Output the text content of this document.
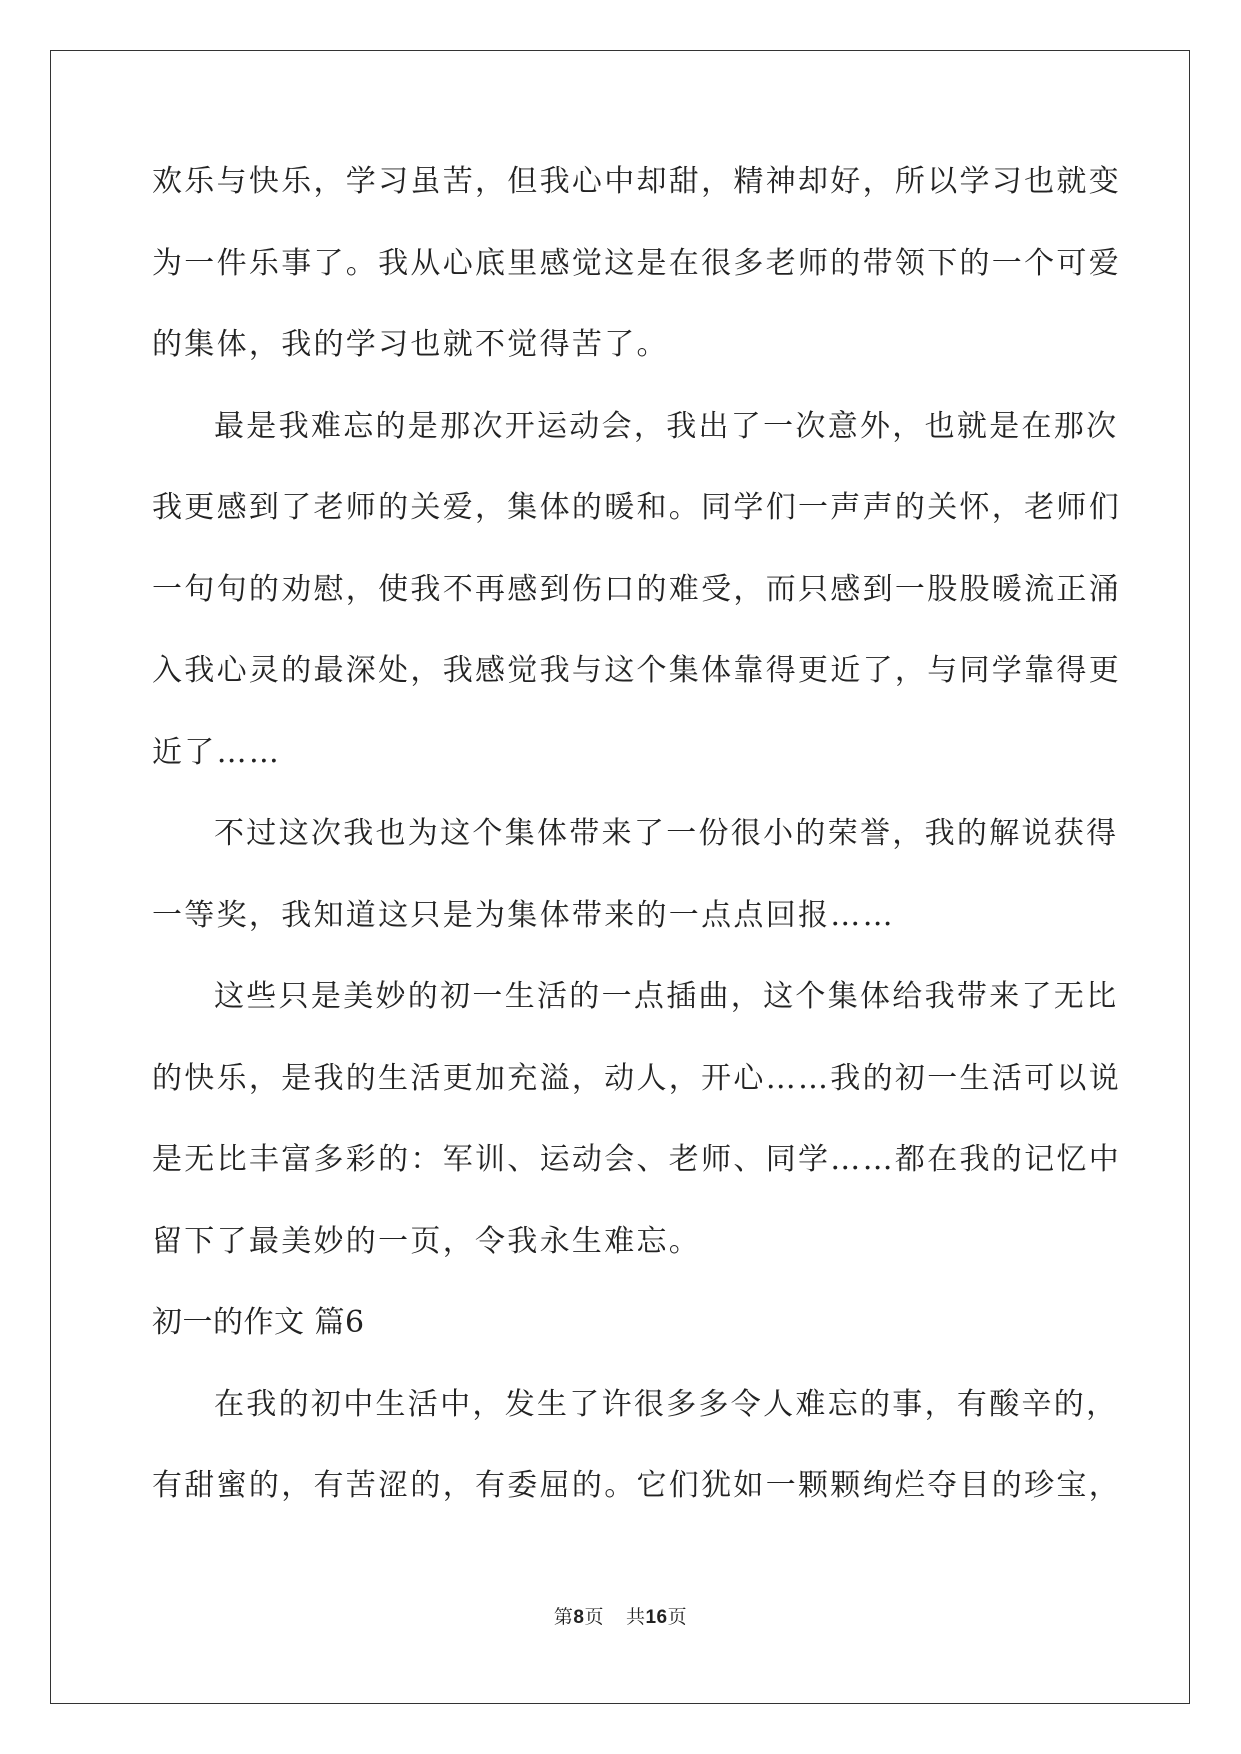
欢乐与快乐，学习虽苦，但我心中却甜，精神却好，所以学习也就变
为一件乐事了。我从心底里感觉这是在很多老师的带领下的一个可爱
的集体，我的学习也就不觉得苦了。
最是我难忘的是那次开运动会，我出了一次意外，也就是在那次
我更感到了老师的关爱，集体的暖和。同学们一声声的关怀，老师们
一句句的劝慰，使我不再感到伤口的难受，而只感到一股股暖流正涌
入我心灵的最深处，我感觉我与这个集体靠得更近了，与同学靠得更
近了……
不过这次我也为这个集体带来了一份很小的荣誉，我的解说获得
一等奖，我知道这只是为集体带来的一点点回报……
这些只是美妙的初一生活的一点插曲，这个集体给我带来了无比
的快乐，是我的生活更加充溢，动人，开心……我的初一生活可以说
是无比丰富多彩的：军训、运动会、老师、同学……都在我的记忆中
留下了最美妙的一页，令我永生难忘。
初一的作文 篇6
在我的初中生活中，发生了许很多多令人难忘的事，有酸辛的，
有甜蜜的，有苦涩的，有委屈的。它们犹如一颗颗绚烂夺目的珍宝，
第8页 共16页
